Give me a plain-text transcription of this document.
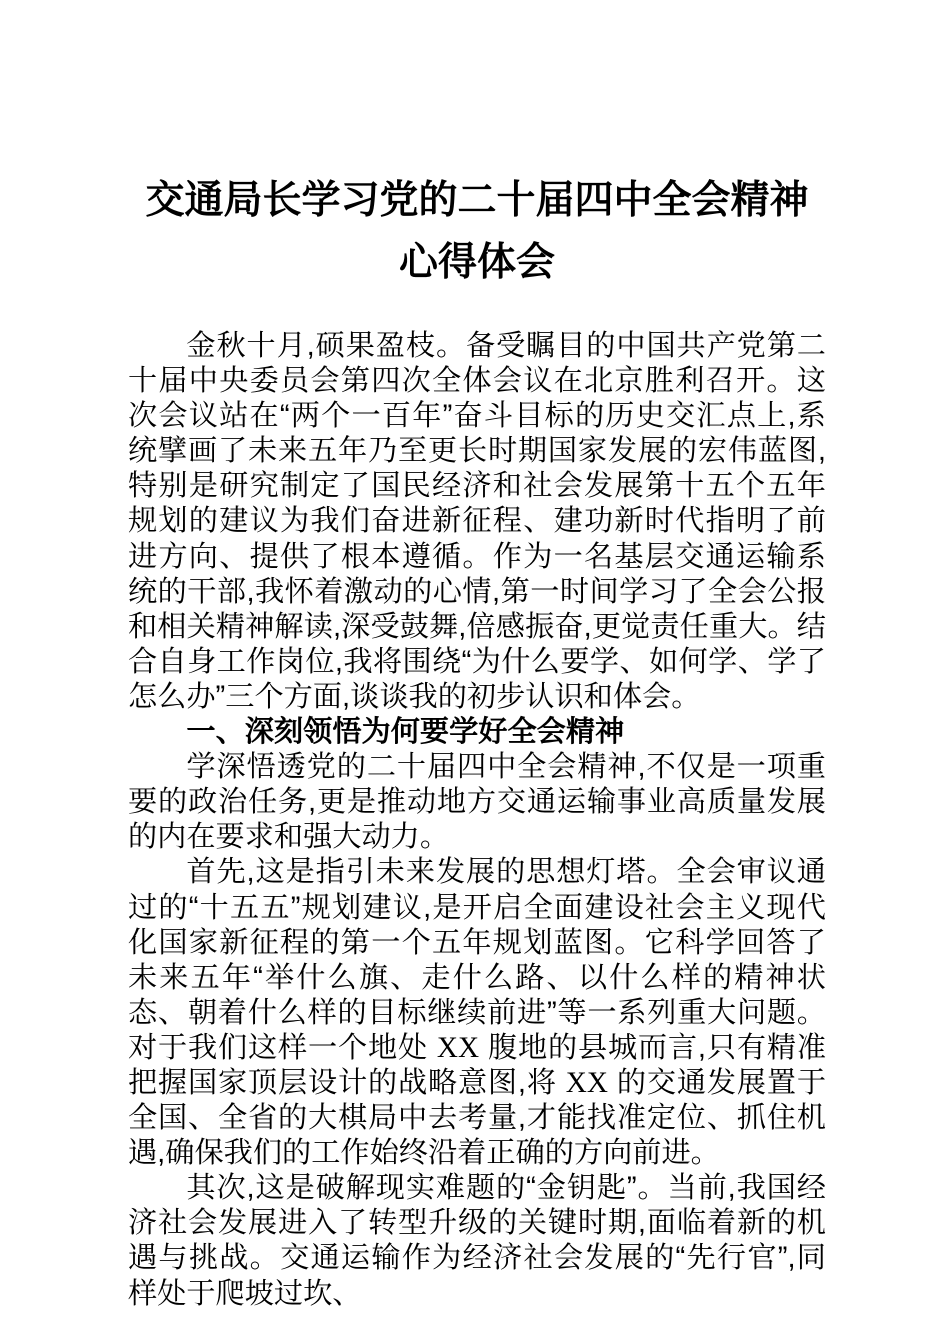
交通局长学习党的二十届四中全会精神心得体会

金秋十月,硕果盈枝。备受瞩目的中国共产党第二十届中央委员会第四次全体会议在北京胜利召开。这次会议站在“两个一百年”奋斗目标的历史交汇点上,系统擘画了未来五年乃至更长时期国家发展的宏伟蓝图,特别是研究制定了国民经济和社会发展第十五个五年规划的建议为我们奋进新征程、建功新时代指明了前进方向、提供了根本遵循。作为一名基层交通运输系统的干部,我怀着激动的心情,第一时间学习了全会公报和相关精神解读,深受鼓舞,倍感振奋,更觉责任重大。结合自身工作岗位,我将围绕“为什么要学、如何学、学了怎么办”三个方面,谈谈我的初步认识和体会。

一、深刻领悟为何要学好全会精神

学深悟透党的二十届四中全会精神,不仅是一项重要的政治任务,更是推动地方交通运输事业高质量发展的内在要求和强大动力。

首先,这是指引未来发展的思想灯塔。全会审议通过的“十五五”规划建议,是开启全面建设社会主义现代化国家新征程的第一个五年规划蓝图。它科学回答了未来五年“举什么旗、走什么路、以什么样的精神状态、朝着什么样的目标继续前进”等一系列重大问题。对于我们这样一个地处 XX 腹地的县城而言,只有精准把握国家顶层设计的战略意图,将 XX 的交通发展置于全国、全省的大棋局中去考量,才能找准定位、抓住机遇,确保我们的工作始终沿着正确的方向前进。

其次,这是破解现实难题的“金钥匙”。当前,我国经济社会发展进入了转型升级的关键时期,面临着新的机遇与挑战。交通运输作为经济社会发展的“先行官”,同样处于爬坡过坎、
